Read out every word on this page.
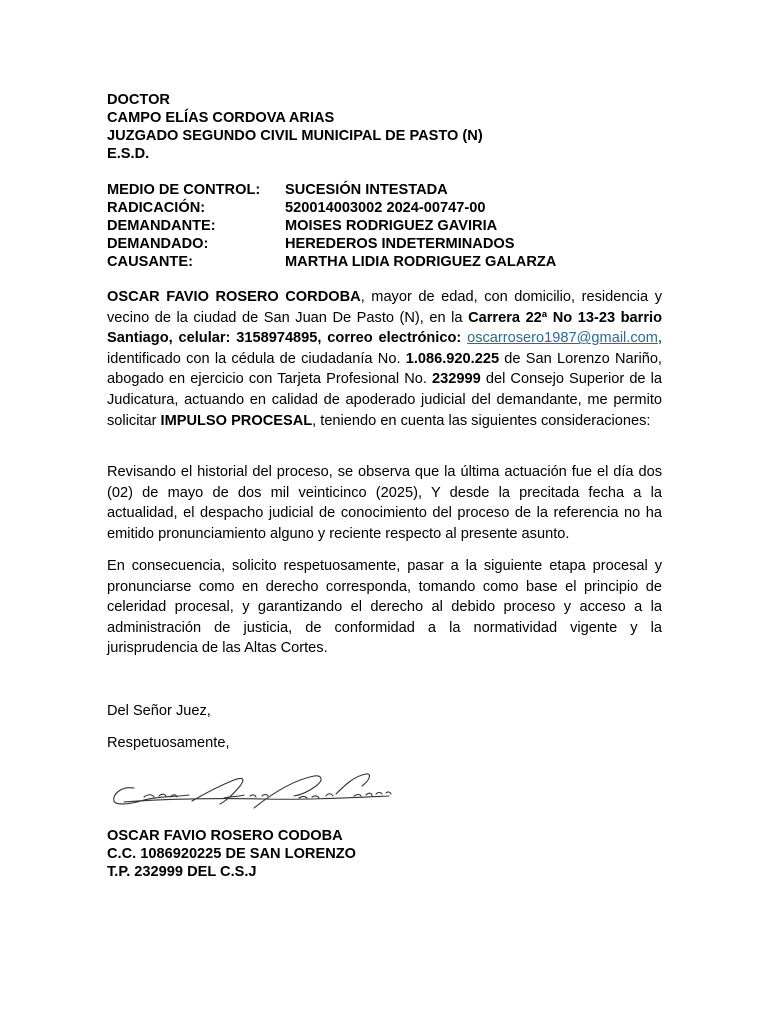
DOCTOR
CAMPO ELÍAS CORDOVA ARIAS
JUZGADO SEGUNDO CIVIL MUNICIPAL DE PASTO (N)
E.S.D.
MEDIO DE CONTROL: SUCESIÓN INTESTADA
RADICACIÓN:	520014003002 2024-00747-00
DEMANDANTE:	MOISES RODRIGUEZ GAVIRIA
DEMANDADO:	HEREDEROS INDETERMINADOS
CAUSANTE:	MARTHA LIDIA RODRIGUEZ GALARZA

OSCAR FAVIO ROSERO CORDOBA, mayor de edad, con domicilio, residencia y vecino de la ciudad de San Juan De Pasto (N), en la Carrera 22ª No 13-23 barrio Santiago, celular: 3158974895, correo electrónico: oscarrosero1987@gmail.com, identificado con la cédula de ciudadanía No. 1.086.920.225 de San Lorenzo Nariño, abogado en ejercicio con Tarjeta Profesional No. 232999 del Consejo Superior de la Judicatura, actuando en calidad de apoderado judicial del demandante, me permito solicitar IMPULSO PROCESAL, teniendo en cuenta las siguientes consideraciones:

Revisando el historial del proceso, se observa que la última actuación fue el día dos (02) de mayo de dos mil veinticinco (2025), Y desde la precitada fecha a la actualidad, el despacho judicial de conocimiento del proceso de la referencia no ha emitido pronunciamiento alguno y reciente respecto al presente asunto.

En consecuencia, solicito respetuosamente, pasar a la siguiente etapa procesal y pronunciarse como en derecho corresponda, tomando como base el principio de celeridad procesal, y garantizando el derecho al debido proceso y acceso a la administración de justicia, de conformidad a la normatividad vigente y la jurisprudencia de las Altas Cortes.

Del Señor Juez,
Respetuosamente,
OSCAR FAVIO ROSERO CODOBA
C.C. 1086920225 DE SAN LORENZO
T.P. 232999 DEL C.S.J
